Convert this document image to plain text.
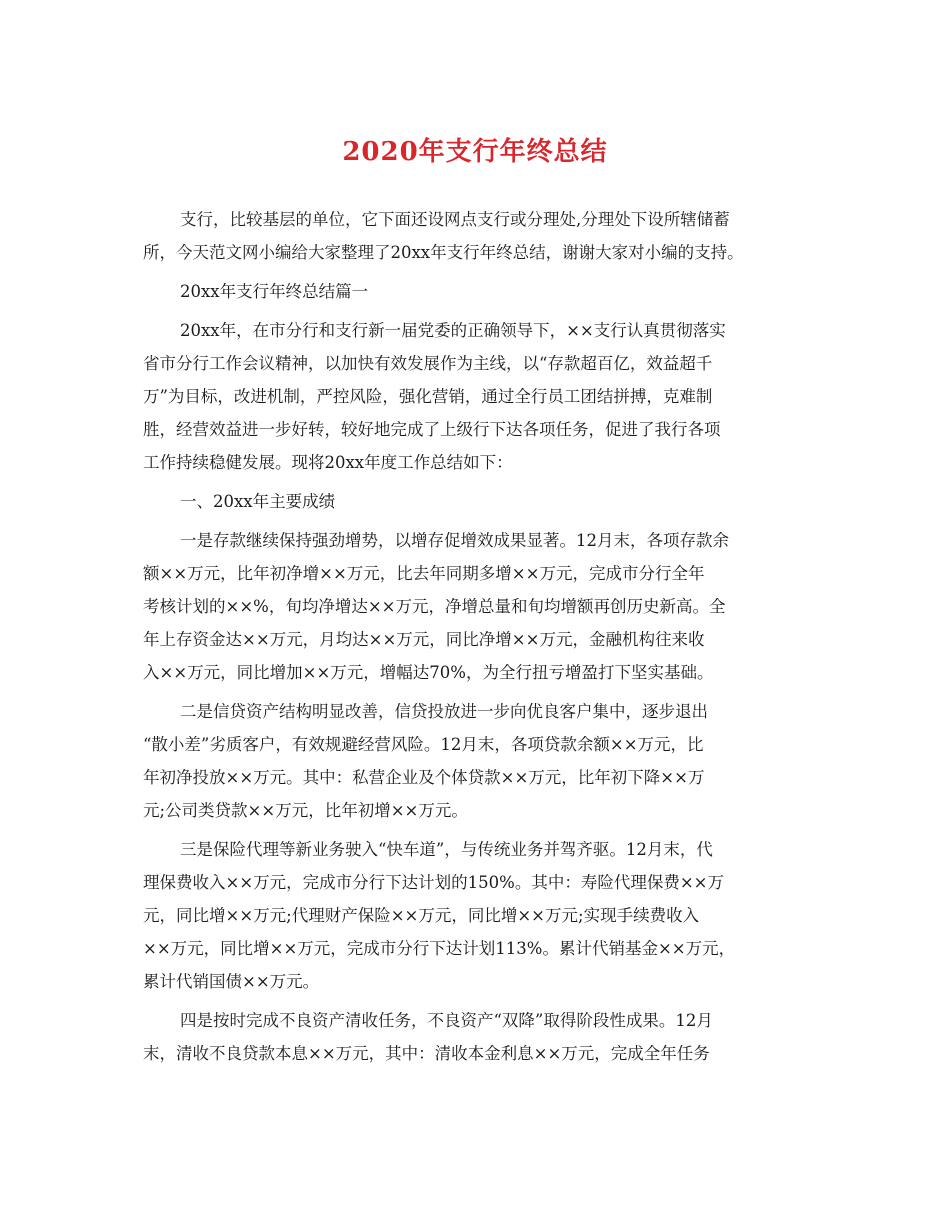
2020年支行年终总结

支行，比较基层的单位，它下面还设网点支行或分理处,分理处下设所辖储蓄
所，今天范文网小编给大家整理了20xx年支行年终总结，谢谢大家对小编的支持。

20xx年支行年终总结篇一

20xx年，在市分行和支行新一届党委的正确领导下，××支行认真贯彻落实
省市分行工作会议精神，以加快有效发展作为主线，以“存款超百亿，效益超千
万”为目标，改进机制，严控风险，强化营销，通过全行员工团结拼搏，克难制
胜，经营效益进一步好转，较好地完成了上级行下达各项任务，促进了我行各项
工作持续稳健发展。现将20xx年度工作总结如下：

一、20xx年主要成绩

一是存款继续保持强劲增势，以增存促增效成果显著。12月末，各项存款余
额××万元，比年初净增××万元，比去年同期多增××万元，完成市分行全年
考核计划的××%，旬均净增达××万元，净增总量和旬均增额再创历史新高。全
年上存资金达××万元，月均达××万元，同比净增××万元，金融机构往来收
入××万元，同比增加××万元，增幅达70%，为全行扭亏增盈打下坚实基础。

二是信贷资产结构明显改善，信贷投放进一步向优良客户集中，逐步退出
“散小差”劣质客户，有效规避经营风险。12月末，各项贷款余额××万元，比
年初净投放××万元。其中：私营企业及个体贷款××万元，比年初下降××万
元;公司类贷款××万元，比年初增××万元。

三是保险代理等新业务驶入“快车道”，与传统业务并驾齐驱。12月末，代
理保费收入××万元，完成市分行下达计划的150%。其中：寿险代理保费××万
元，同比增××万元;代理财产保险××万元，同比增××万元;实现手续费收入
××万元，同比增××万元，完成市分行下达计划113%。累计代销基金××万元，
累计代销国债××万元。

四是按时完成不良资产清收任务，不良资产“双降”取得阶段性成果。12月
末，清收不良贷款本息××万元，其中：清收本金利息××万元，完成全年任务
